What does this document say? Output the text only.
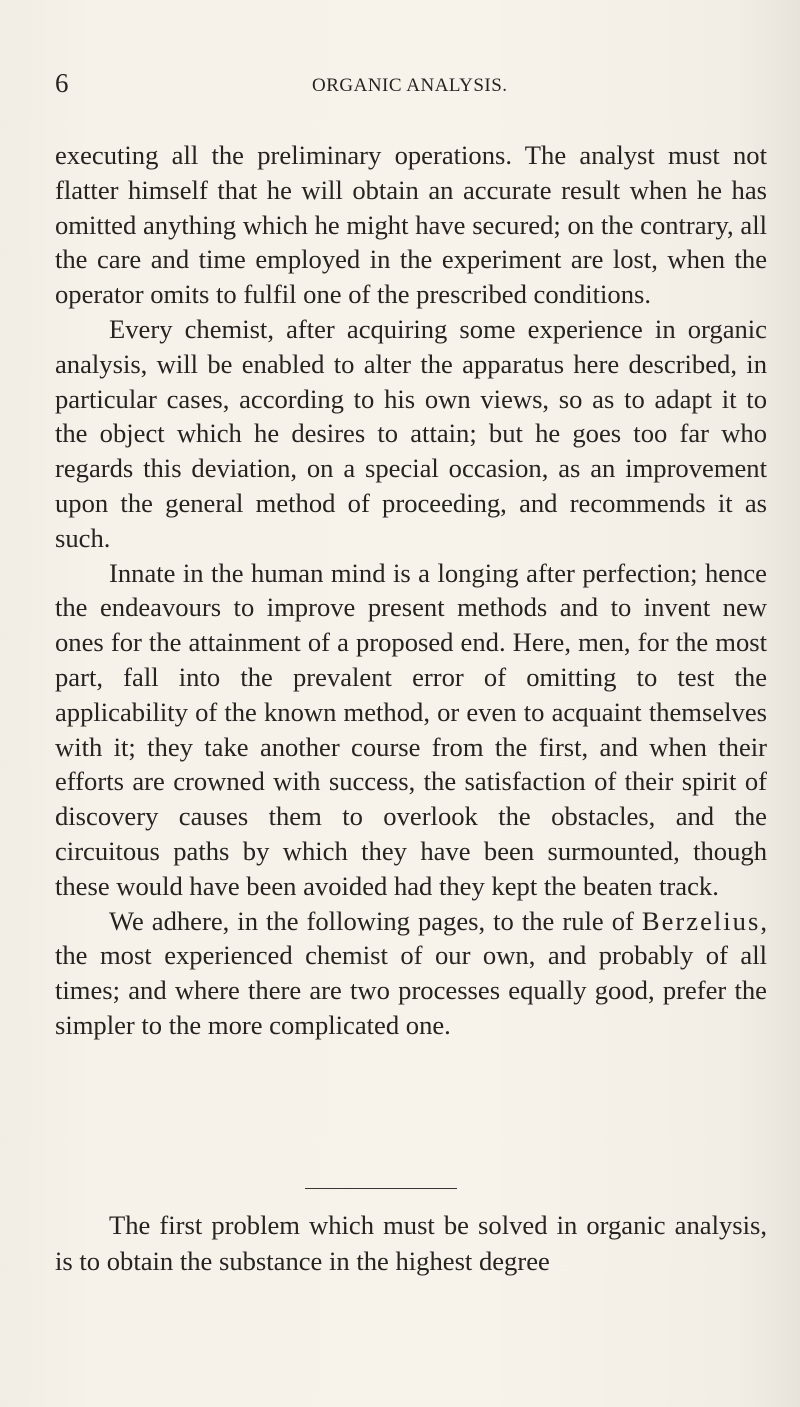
6	ORGANIC ANALYSIS.

executing all the preliminary operations. The analyst must not flatter himself that he will obtain an accurate result when he has omitted anything which he might have secured; on the contrary, all the care and time employed in the experiment are lost, when the operator omits to fulfil one of the prescribed conditions.

Every chemist, after acquiring some experience in organic analysis, will be enabled to alter the apparatus here described, in particular cases, according to his own views, so as to adapt it to the object which he desires to attain; but he goes too far who regards this deviation, on a special occasion, as an improvement upon the general method of proceeding, and recommends it as such.

Innate in the human mind is a longing after perfection; hence the endeavours to improve present methods and to invent new ones for the attainment of a proposed end. Here, men, for the most part, fall into the prevalent error of omitting to test the applicability of the known method, or even to acquaint themselves with it; they take another course from the first, and when their efforts are crowned with success, the satisfaction of their spirit of discovery causes them to overlook the obstacles, and the circuitous paths by which they have been surmounted, though these would have been avoided had they kept the beaten track.

We adhere, in the following pages, to the rule of Berzelius, the most experienced chemist of our own, and probably of all times; and where there are two processes equally good, prefer the simpler to the more complicated one.

The first problem which must be solved in organic analysis, is to obtain the substance in the highest degree
